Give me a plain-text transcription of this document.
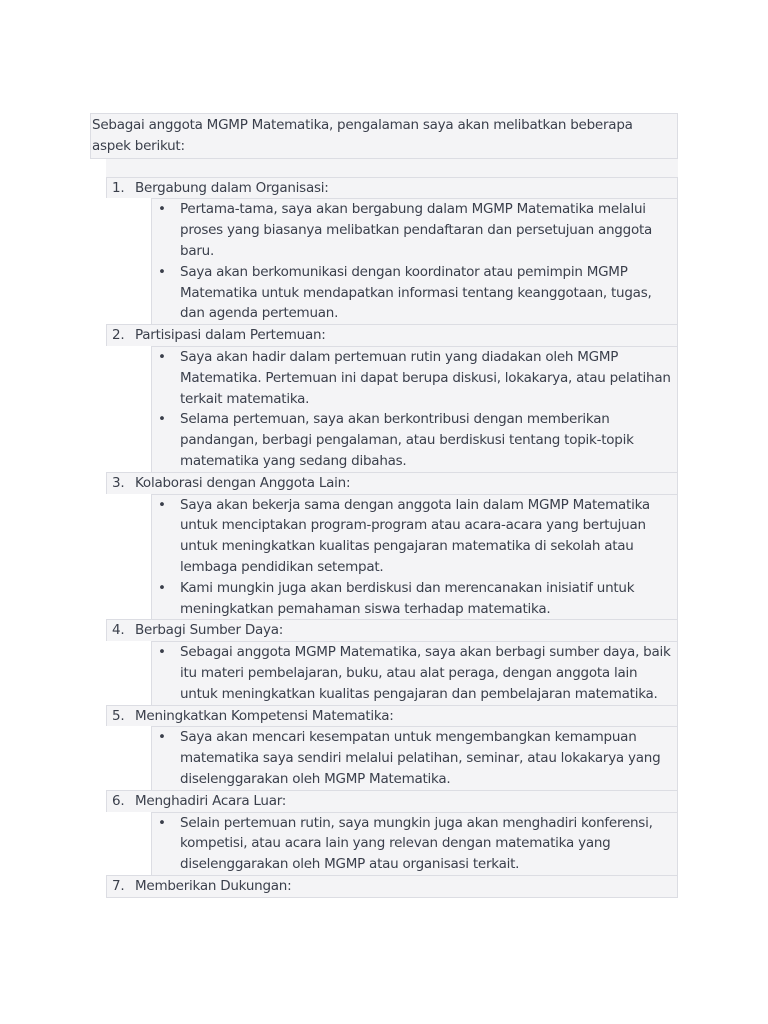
Sebagai anggota MGMP Matematika, pengalaman saya akan melibatkan beberapa aspek berikut:

1. Bergabung dalam Organisasi:
• Pertama-tama, saya akan bergabung dalam MGMP Matematika melalui proses yang biasanya melibatkan pendaftaran dan persetujuan anggota baru.
• Saya akan berkomunikasi dengan koordinator atau pemimpin MGMP Matematika untuk mendapatkan informasi tentang keanggotaan, tugas, dan agenda pertemuan.
2. Partisipasi dalam Pertemuan:
• Saya akan hadir dalam pertemuan rutin yang diadakan oleh MGMP Matematika. Pertemuan ini dapat berupa diskusi, lokakarya, atau pelatihan terkait matematika.
• Selama pertemuan, saya akan berkontribusi dengan memberikan pandangan, berbagi pengalaman, atau berdiskusi tentang topik-topik matematika yang sedang dibahas.
3. Kolaborasi dengan Anggota Lain:
• Saya akan bekerja sama dengan anggota lain dalam MGMP Matematika untuk menciptakan program-program atau acara-acara yang bertujuan untuk meningkatkan kualitas pengajaran matematika di sekolah atau lembaga pendidikan setempat.
• Kami mungkin juga akan berdiskusi dan merencanakan inisiatif untuk meningkatkan pemahaman siswa terhadap matematika.
4. Berbagi Sumber Daya:
• Sebagai anggota MGMP Matematika, saya akan berbagi sumber daya, baik itu materi pembelajaran, buku, atau alat peraga, dengan anggota lain untuk meningkatkan kualitas pengajaran dan pembelajaran matematika.
5. Meningkatkan Kompetensi Matematika:
• Saya akan mencari kesempatan untuk mengembangkan kemampuan matematika saya sendiri melalui pelatihan, seminar, atau lokakarya yang diselenggarakan oleh MGMP Matematika.
6. Menghadiri Acara Luar:
• Selain pertemuan rutin, saya mungkin juga akan menghadiri konferensi, kompetisi, atau acara lain yang relevan dengan matematika yang diselenggarakan oleh MGMP atau organisasi terkait.
7. Memberikan Dukungan:
